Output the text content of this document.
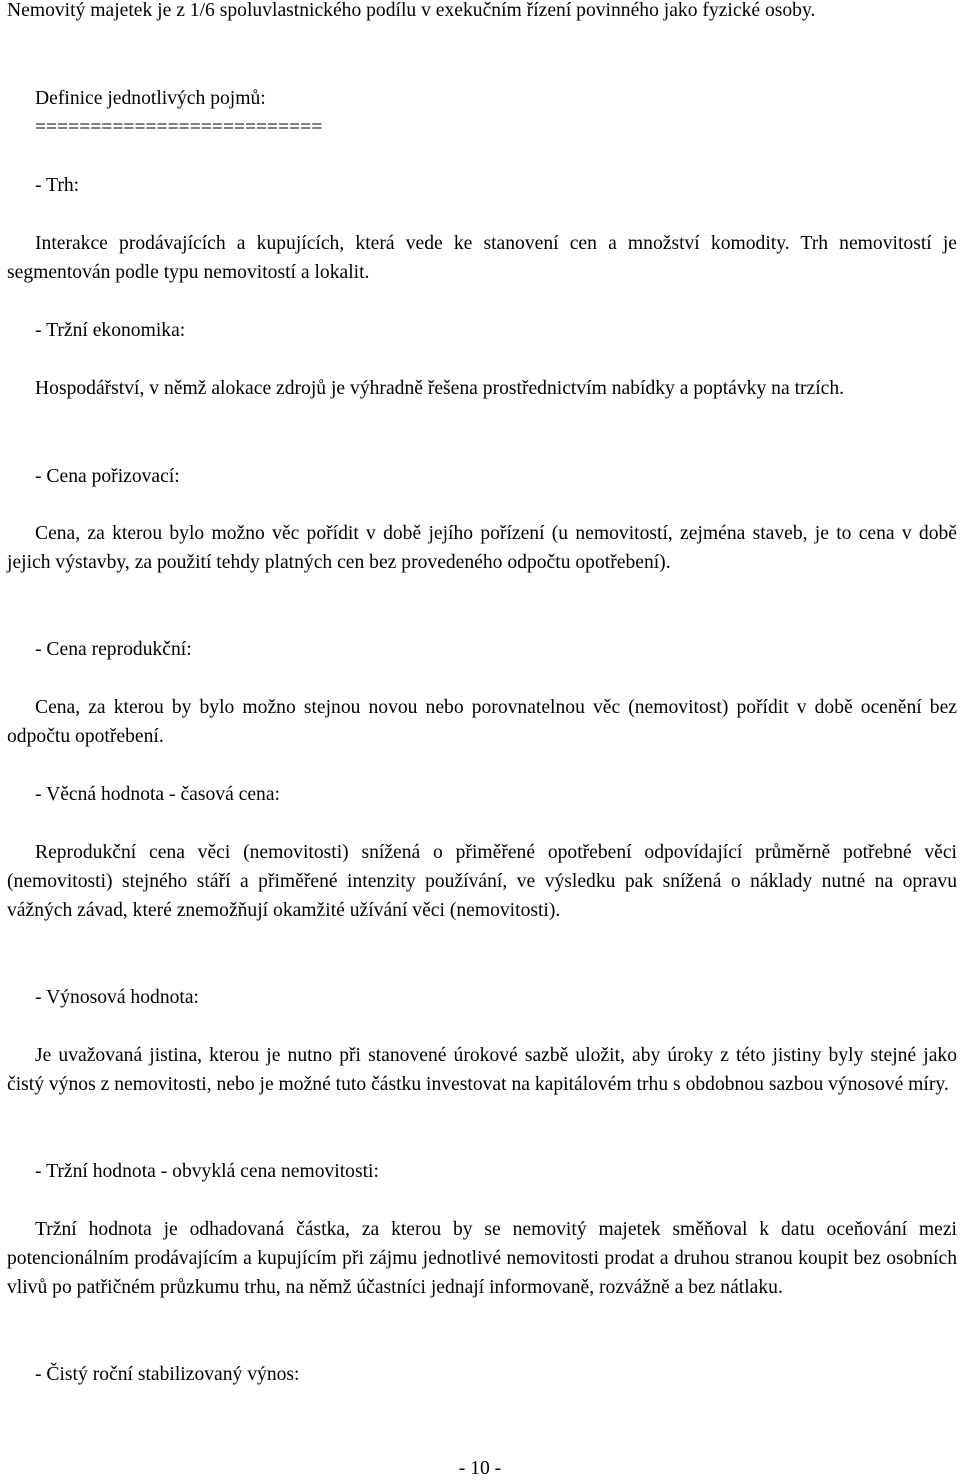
Nemovitý majetek je z 1/6 spoluvlastnického podílu v exekučním řízení povinného jako fyzické osoby.

Definice jednotlivých pojmů:

==========================

- Trh:

Interakce prodávajících a kupujících, která vede ke stanovení cen a množství komodity. Trh nemovitostí je segmentován podle typu nemovitostí a lokalit.

- Tržní ekonomika:

Hospodářství, v němž alokace zdrojů je výhradně řešena prostřednictvím nabídky a poptávky na trzích.

- Cena pořizovací:

Cena, za kterou bylo možno věc pořídit v době jejího pořízení (u nemovitostí, zejména staveb, je to cena v době jejich výstavby, za použití tehdy platných cen bez provedeného odpočtu opotřebení).

- Cena reprodukční:

Cena, za kterou by bylo možno stejnou novou nebo porovnatelnou věc (nemovitost) pořídit v době ocenění bez odpočtu opotřebení.

- Věcná hodnota - časová cena:

Reprodukční cena věci (nemovitosti) snížená o přiměřené opotřebení odpovídající průměrně potřebné věci (nemovitosti) stejného stáří a přiměřené intenzity používání, ve výsledku pak snížená o náklady nutné na opravu vážných závad, které znemožňují okamžité užívání věci (nemovitosti).

- Výnosová hodnota:

Je uvažovaná jistina, kterou je nutno při stanovené úrokové sazbě uložit, aby úroky z této jistiny byly stejné jako čistý výnos z nemovitosti, nebo je možné tuto částku investovat na kapitálovém trhu s obdobnou sazbou výnosové míry.

- Tržní hodnota - obvyklá cena nemovitosti:

Tržní hodnota je odhadovaná částka, za kterou by se nemovitý majetek směňoval k datu oceňování mezi potencionálním prodávajícím a kupujícím při zájmu jednotlivé nemovitosti prodat a druhou stranou koupit bez osobních vlivů po patřičném průzkumu trhu, na němž účastníci jednají informovaně, rozvážně a bez nátlaku.

- Čistý roční stabilizovaný výnos:

- 10 -
